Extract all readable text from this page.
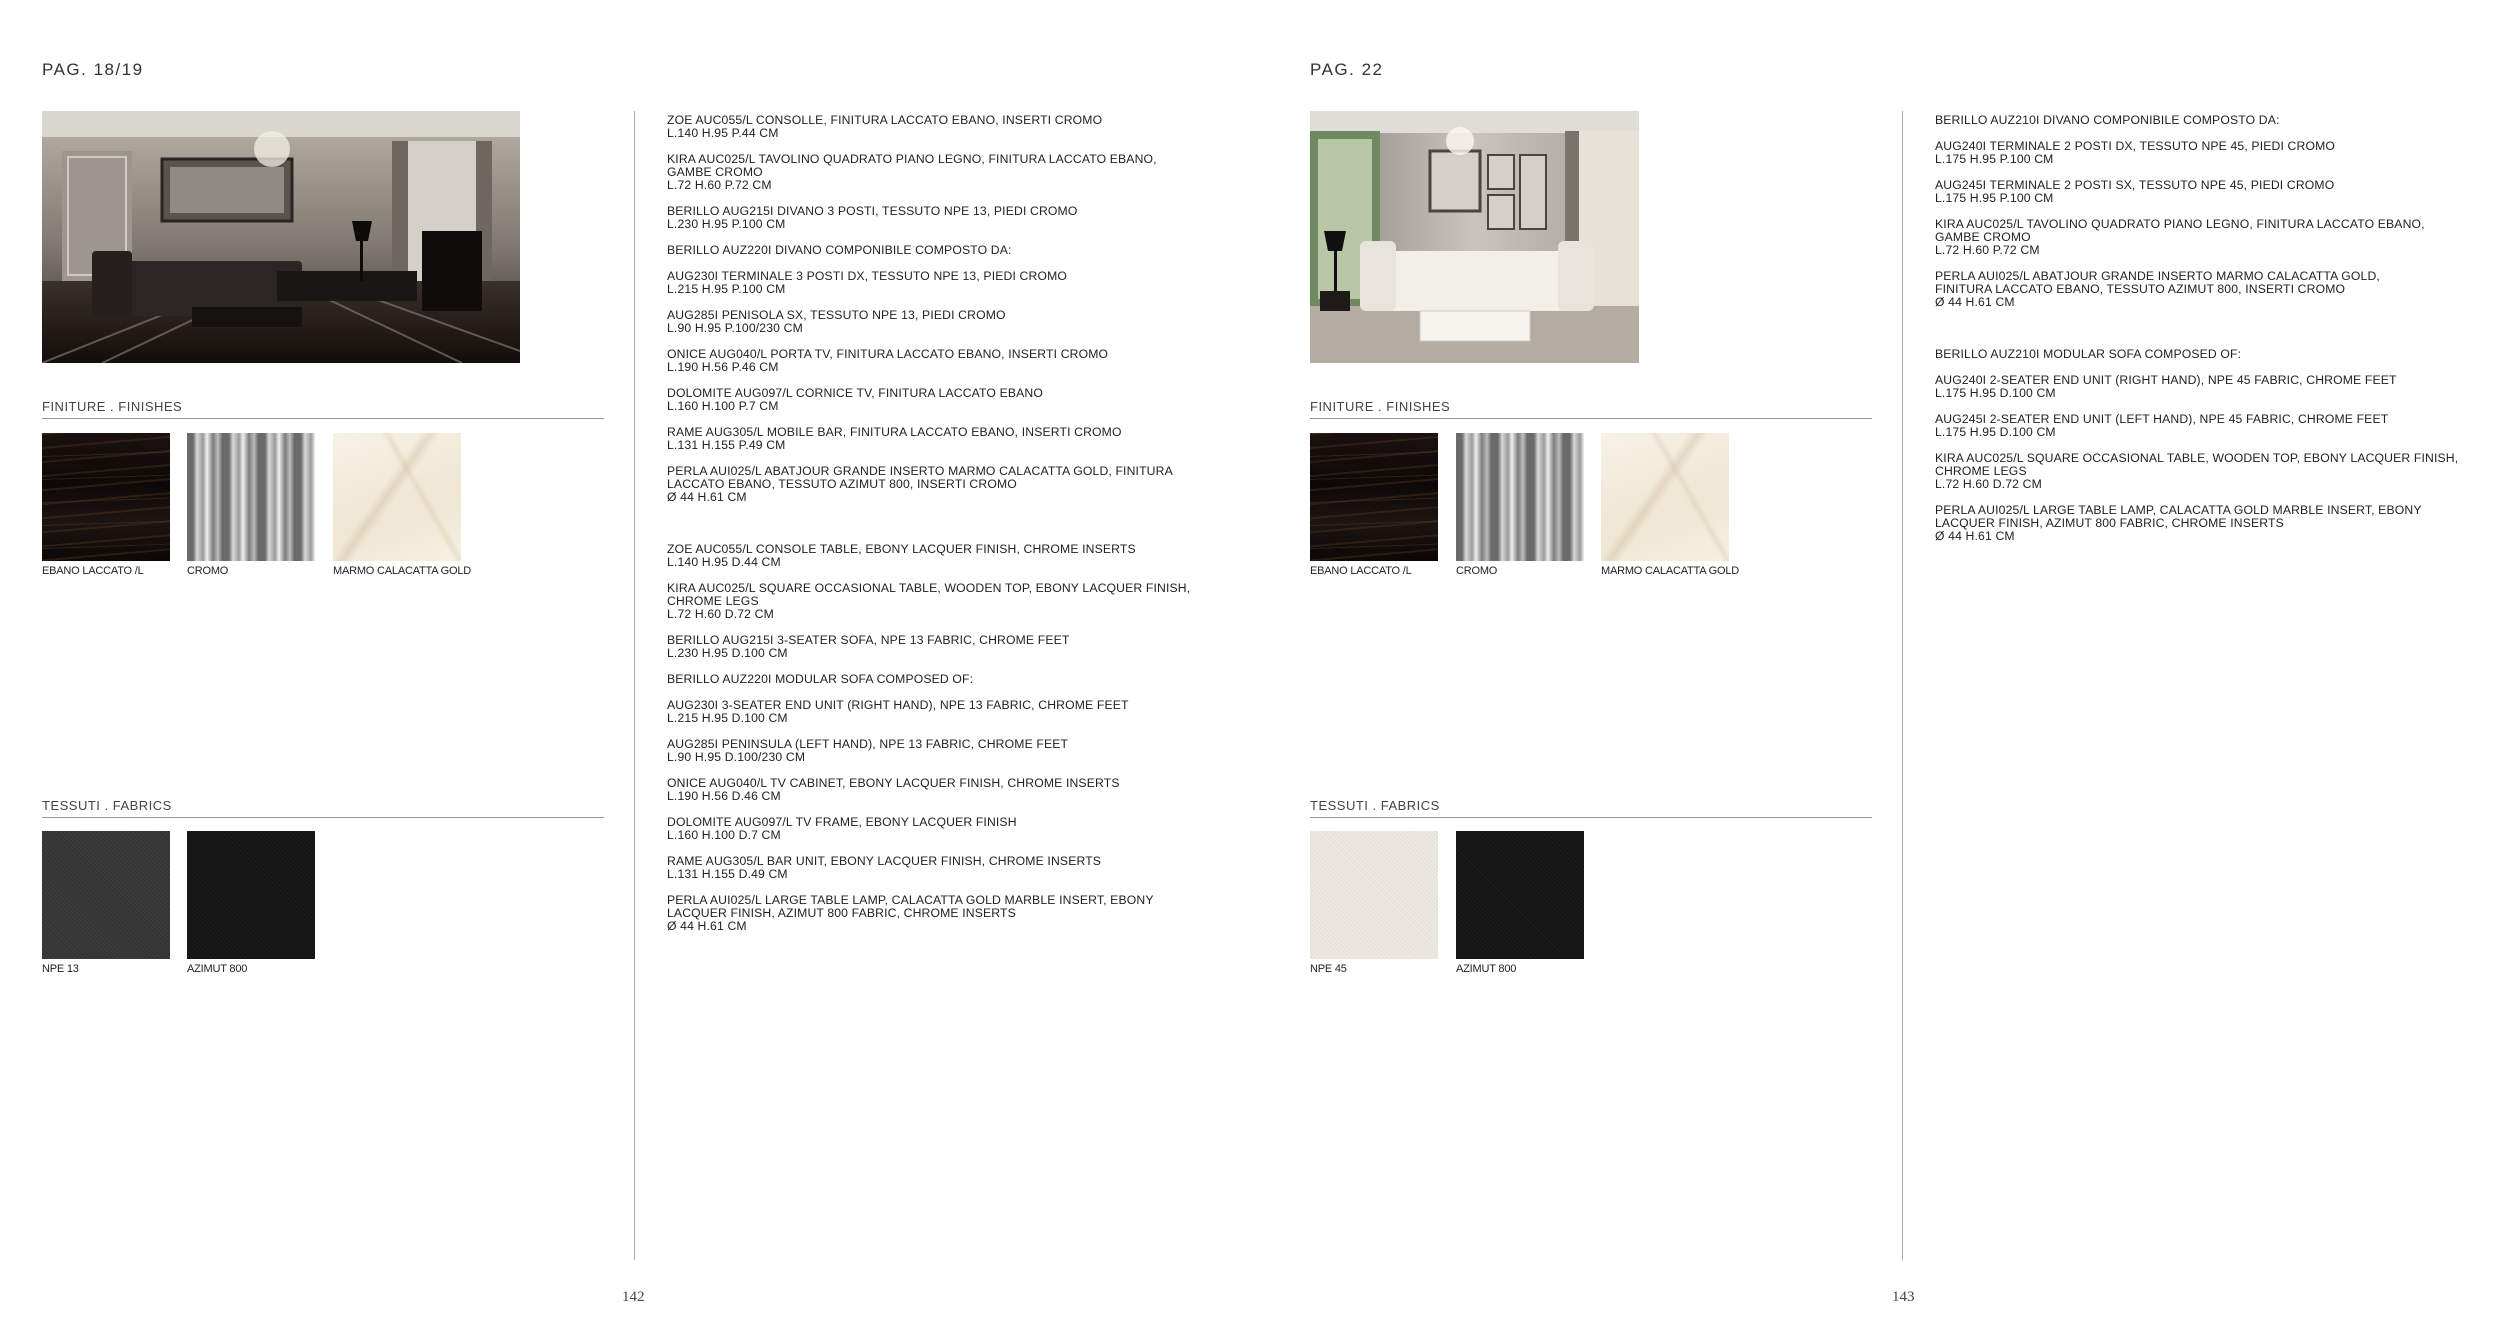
PAG. 18/19
FINITURE . FINISHES
EBANO LACCATO /L	CROMO	MARMO CALACATTA GOLD
TESSUTI . FABRICS
NPE 13	AZIMUT 800

ZOE AUC055/L CONSOLLE, FINITURA LACCATO EBANO, INSERTI CROMO
L.140 H.95 P.44 CM

KIRA AUC025/L TAVOLINO QUADRATO PIANO LEGNO, FINITURA LACCATO EBANO,
GAMBE CROMO
L.72 H.60 P.72 CM

BERILLO AUG215I DIVANO 3 POSTI, TESSUTO NPE 13, PIEDI CROMO
L.230 H.95 P.100 CM

BERILLO AUZ220I DIVANO COMPONIBILE COMPOSTO DA:

AUG230I TERMINALE 3 POSTI DX, TESSUTO NPE 13, PIEDI CROMO
L.215 H.95 P.100 CM

AUG285I PENISOLA SX, TESSUTO NPE 13, PIEDI CROMO
L.90 H.95 P.100/230 CM

ONICE AUG040/L PORTA TV, FINITURA LACCATO EBANO, INSERTI CROMO
L.190 H.56 P.46 CM

DOLOMITE AUG097/L CORNICE TV, FINITURA LACCATO EBANO
L.160 H.100 P.7 CM

RAME AUG305/L MOBILE BAR, FINITURA LACCATO EBANO, INSERTI CROMO
L.131 H.155 P.49 CM

PERLA AUI025/L ABATJOUR GRANDE INSERTO MARMO CALACATTA GOLD, FINITURA
LACCATO EBANO, TESSUTO AZIMUT 800, INSERTI CROMO
Ø 44 H.61 CM

ZOE AUC055/L CONSOLE TABLE, EBONY LACQUER FINISH, CHROME INSERTS
L.140 H.95 D.44 CM

KIRA AUC025/L SQUARE OCCASIONAL TABLE, WOODEN TOP, EBONY LACQUER FINISH,
CHROME LEGS
L.72 H.60 D.72 CM

BERILLO AUG215I 3-SEATER SOFA, NPE 13 FABRIC, CHROME FEET
L.230 H.95 D.100 CM

BERILLO AUZ220I MODULAR SOFA COMPOSED OF:

AUG230I 3-SEATER END UNIT (RIGHT HAND), NPE 13 FABRIC, CHROME FEET
L.215 H.95 D.100 CM

AUG285I PENINSULA (LEFT HAND), NPE 13 FABRIC, CHROME FEET
L.90 H.95 D.100/230 CM

ONICE AUG040/L TV CABINET, EBONY LACQUER FINISH, CHROME INSERTS
L.190 H.56 D.46 CM

DOLOMITE AUG097/L TV FRAME, EBONY LACQUER FINISH
L.160 H.100 D.7 CM

RAME AUG305/L BAR UNIT, EBONY LACQUER FINISH, CHROME INSERTS
L.131 H.155 D.49 CM

PERLA AUI025/L LARGE TABLE LAMP, CALACATTA GOLD MARBLE INSERT, EBONY
LACQUER FINISH, AZIMUT 800 FABRIC, CHROME INSERTS
Ø 44 H.61 CM

142
PAG. 22
FINITURE . FINISHES
EBANO LACCATO /L	CROMO	MARMO CALACATTA GOLD
TESSUTI . FABRICS
NPE 45	AZIMUT 800

BERILLO AUZ210I DIVANO COMPONIBILE COMPOSTO DA:

AUG240I TERMINALE 2 POSTI DX, TESSUTO NPE 45, PIEDI CROMO
L.175 H.95 P.100 CM

AUG245I TERMINALE 2 POSTI SX, TESSUTO NPE 45, PIEDI CROMO
L.175 H.95 P.100 CM

KIRA AUC025/L TAVOLINO QUADRATO PIANO LEGNO, FINITURA LACCATO EBANO,
GAMBE CROMO
L.72 H.60 P.72 CM

PERLA AUI025/L ABATJOUR GRANDE INSERTO MARMO CALACATTA GOLD,
FINITURA LACCATO EBANO, TESSUTO AZIMUT 800, INSERTI CROMO
Ø 44 H.61 CM

BERILLO AUZ210I MODULAR SOFA COMPOSED OF:

AUG240I 2-SEATER END UNIT (RIGHT HAND), NPE 45 FABRIC, CHROME FEET
L.175 H.95 D.100 CM

AUG245I 2-SEATER END UNIT (LEFT HAND), NPE 45 FABRIC, CHROME FEET
L.175 H.95 D.100 CM

KIRA AUC025/L SQUARE OCCASIONAL TABLE, WOODEN TOP, EBONY LACQUER FINISH,
CHROME LEGS
L.72 H.60 D.72 CM

PERLA AUI025/L LARGE TABLE LAMP, CALACATTA GOLD MARBLE INSERT, EBONY
LACQUER FINISH, AZIMUT 800 FABRIC, CHROME INSERTS
Ø 44 H.61 CM

143
